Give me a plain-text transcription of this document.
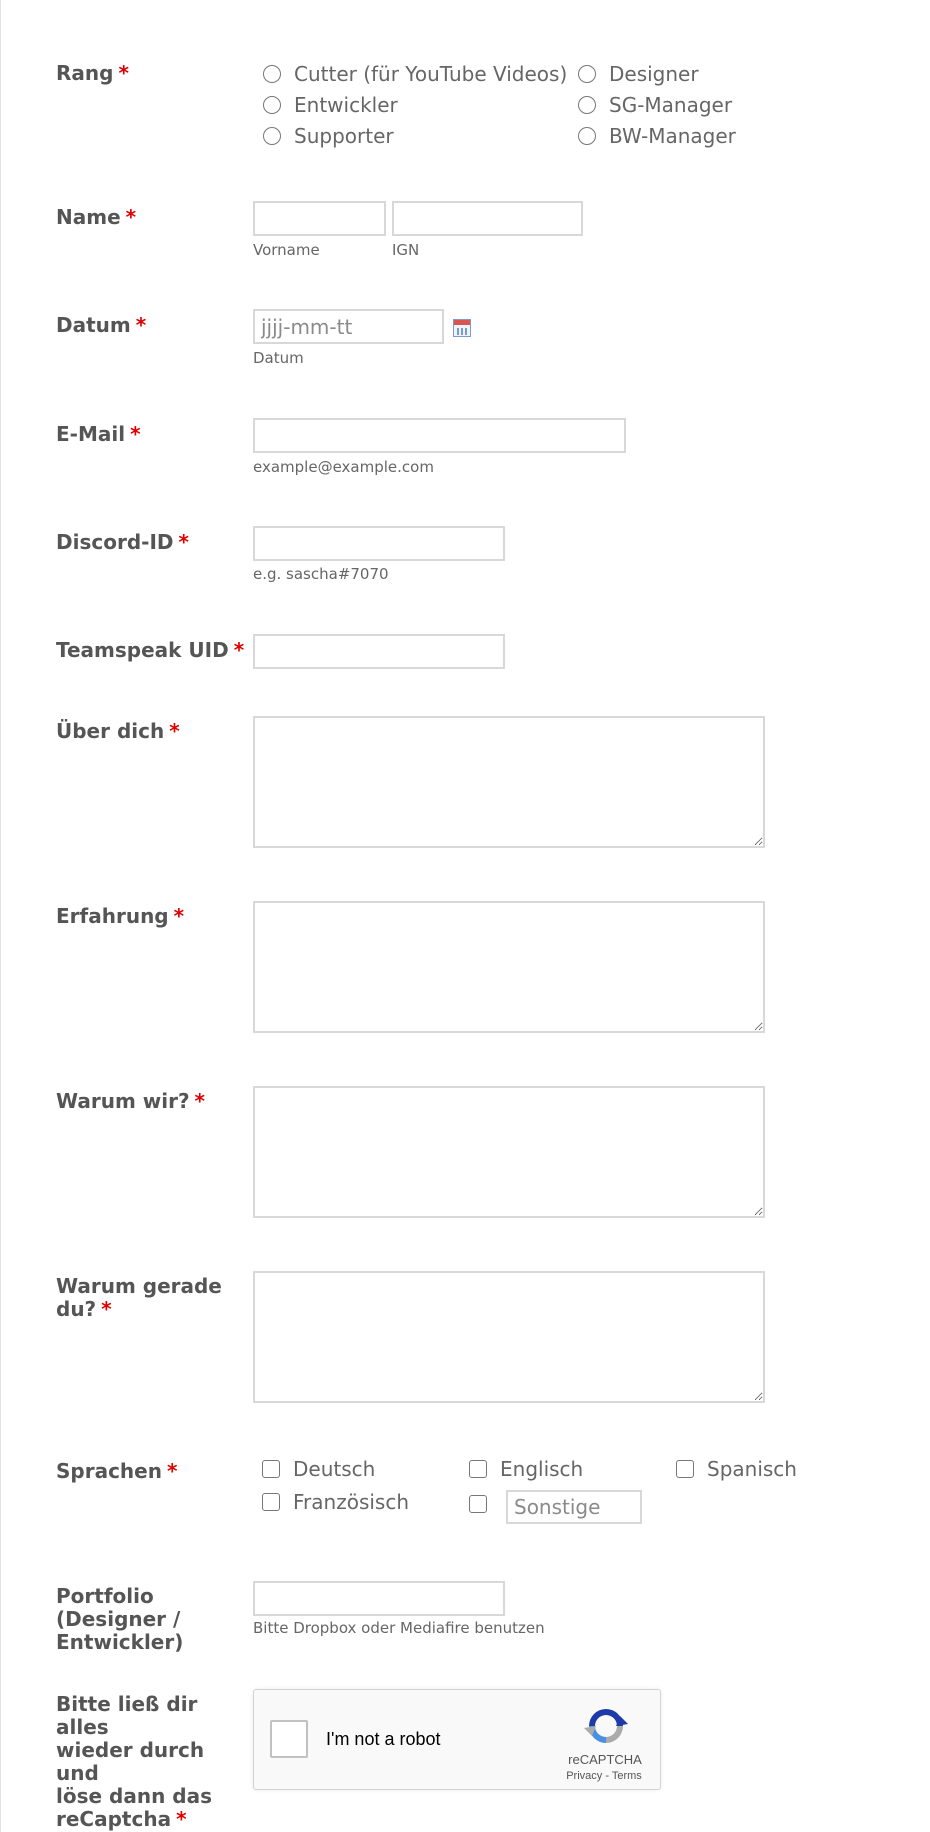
Rang *	Cutter (für YouTube Videos) Designer
Entwickler	SG-Manager
Supporter	BW-Manager
Name *
Vorname	IGN
Datum *
jjjj-mm-tt
Datum
E-Mail *
example@example.com
Discord-ID *
e.g. sascha#7070
Teamspeak UID *
Über dich *
Erfahrung *
Warum wir? *
Warum gerade
du? *
Sprachen *	Deutsch	Englisch	Spanisch
Französisch
Sonstige
Portfolio
(Designer /
Entwickler)
Bitte Dropbox oder Mediafire benutzen
Bitte ließ dir alles
wieder durch und
löse dann das
reCaptcha *
I'm not a robot
reCAPTCHA
Privacy - Terms
